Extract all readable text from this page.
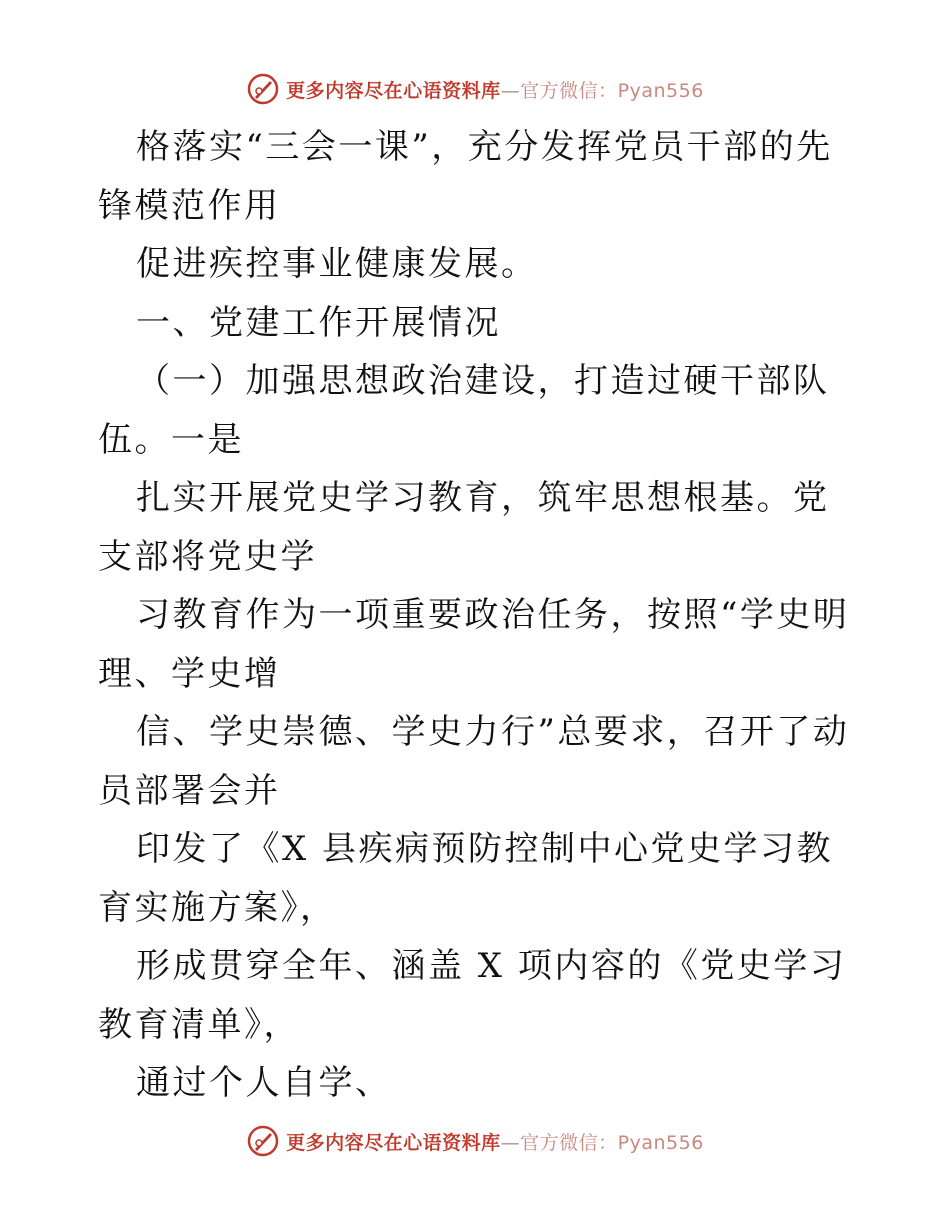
更多内容尽在心语资料库—官方微信：Pyan556

格落实“三会一课”，充分发挥党员干部的先锋模范作用

促进疾控事业健康发展。

一、党建工作开展情况

（一）加强思想政治建设，打造过硬干部队伍。一是

扎实开展党史学习教育，筑牢思想根基。党支部将党史学

习教育作为一项重要政治任务，按照“学史明理、学史增

信、学史崇德、学史力行”总要求，召开了动员部署会并

印发了《X 县疾病预防控制中心党史学习教育实施方案》，

形成贯穿全年、涵盖 X 项内容的《党史学习教育清单》，

通过个人自学、

更多内容尽在心语资料库—官方微信：Pyan556
